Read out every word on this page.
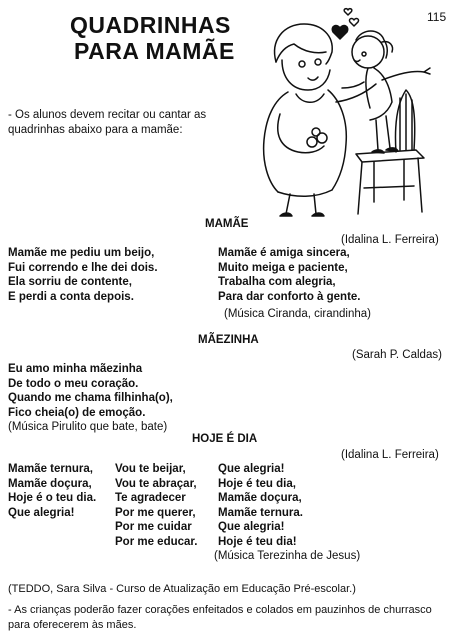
115
QUADRINHAS
PARA MAMÃE
- Os alunos devem recitar ou cantar as quadrinhas abaixo para a mamãe:
MAMÃE
(Idalina L. Ferreira)
Mamãe me pediu um beijo,
Fui correndo e lhe dei dois.
Ela sorriu de contente,
E perdi a conta depois.
Mamãe é amiga sincera,
Muito meiga e paciente,
Trabalha com alegria,
Para dar conforto à gente.
(Música Ciranda, cirandinha)
MÃEZINHA
(Sarah P. Caldas)
Eu amo minha mãezinha
De todo o meu coração.
Quando me chama filhinha(o),
Fico cheia(o) de emoção.
(Música Pirulito que bate, bate)
HOJE É DIA
(Idalina L. Ferreira)
Mamãe ternura,
Mamãe doçura,
Hoje é o teu dia.
Que alegria!
Vou te beijar,
Vou te abraçar,
Te agradecer
Por me querer,
Por me cuidar
Por me educar.
Que alegria!
Hoje é teu dia,
Mamãe doçura,
Mamãe ternura.
Que alegria!
Hoje é teu dia!
(Música Terezinha de Jesus)
(TEDDO, Sara Silva - Curso de Atualização em Educação Pré-escolar.)
- As crianças poderão fazer corações enfeitados e colados em pauzinhos de churrasco para oferecerem às mães.
